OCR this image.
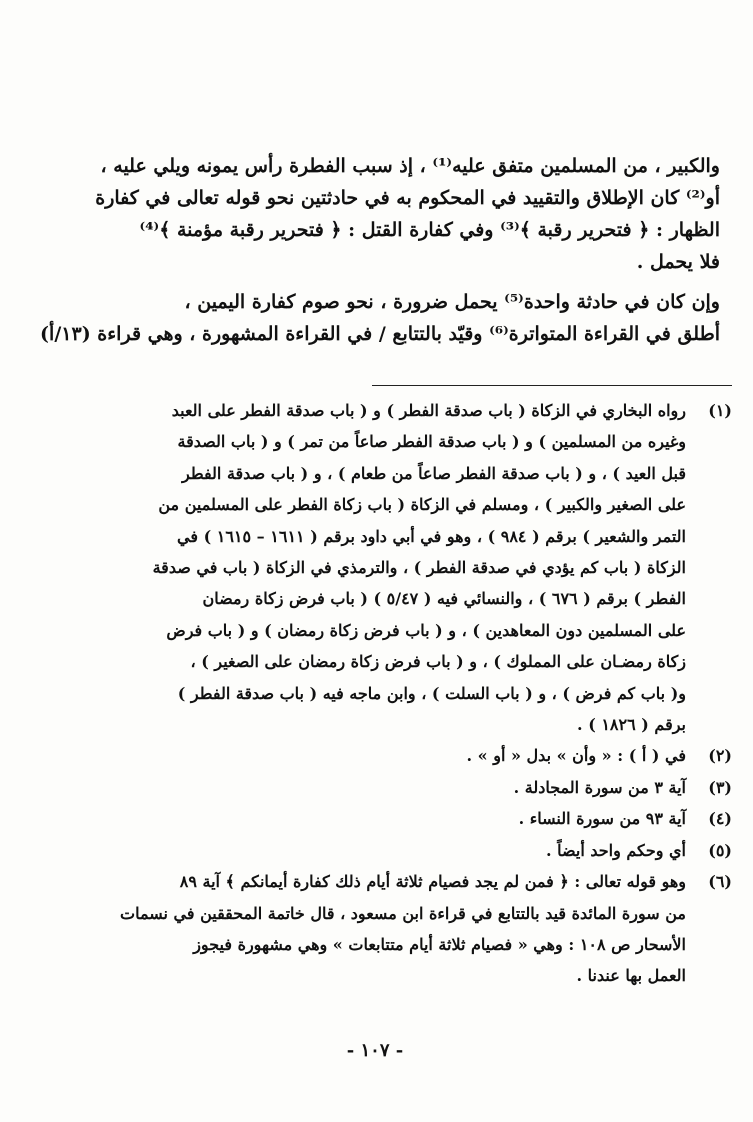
والكبير ، من المسلمين متفق عليه⁽¹⁾ ، إذ سبب الفطرة رأس يمونه ويلي عليه ،
أو⁽²⁾ كان الإطلاق والتقييد في المحكوم به في حادثتين نحو قوله تعالى في كفارة
الظهار : ﴿ فتحرير رقبة ﴾⁽³⁾ وفي كفارة القتل : ﴿ فتحرير رقبة مؤمنة ﴾⁽⁴⁾
فلا يحمل .

وإن كان في حادثة واحدة⁽⁵⁾ يحمل ضرورة ، نحو صوم كفارة اليمين ،
أطلق في القراءة المتواترة⁽⁶⁾ وقيّد بالتتابع / في القراءة المشهورة ، وهي قراءة (١٣/أ)

(١)
رواه البخاري في الزكاة ( باب صدقة الفطر ) و ( باب صدقة الفطر على العبد
وغيره من المسلمين ) و ( باب صدقة الفطر صاعاً من تمر ) و ( باب الصدقة
قبل العيد ) ، و ( باب صدقة الفطر صاعاً من طعام ) ، و ( باب صدقة الفطر
على الصغير والكبير ) ، ومسلم في الزكاة ( باب زكاة الفطر على المسلمين من
التمر والشعير ) برقم ( ٩٨٤ ) ، وهو في أبي داود برقم ( ١٦١١ – ١٦١٥ ) في
الزكاة ( باب كم يؤدي في صدقة الفطر ) ، والترمذي في الزكاة ( باب في صدقة
الفطر ) برقم ( ٦٧٦ ) ، والنسائي فيه ( ٥/٤٧ ) ( باب فرض زكاة رمضان
على المسلمين دون المعاهدين ) ، و ( باب فرض زكاة رمضان ) و ( باب فرض
زكاة رمضـان على المملوك ) ، و ( باب فرض زكاة رمضان على الصغير ) ،
و( باب كم فرض ) ، و ( باب السلت ) ، وابن ماجه فيه ( باب صدقة الفطر )
برقم ( ١٨٢٦ ) .
(٢)
في ( أ ) : « وأن » بدل « أو » .
(٣)
آية ٣ من سورة المجادلة .
(٤)
آية ٩٣ من سورة النساء .
(٥)
أي وحكم واحد أيضاً .
(٦)
وهو قوله تعالى : ﴿ فمن لم يجد فصيام ثلاثة أيام ذلك كفارة أيمانكم ﴾ آية ٨٩
من سورة المائدة قيد بالتتابع في قراءة ابن مسعود ، قال خاتمة المحققين في نسمات
الأسحار ص ١٠٨ : وهي « فصيام ثلاثة أيام متتابعات » وهي مشهورة فيجوز
العمل بها عندنا .
- ١٠٧ -
